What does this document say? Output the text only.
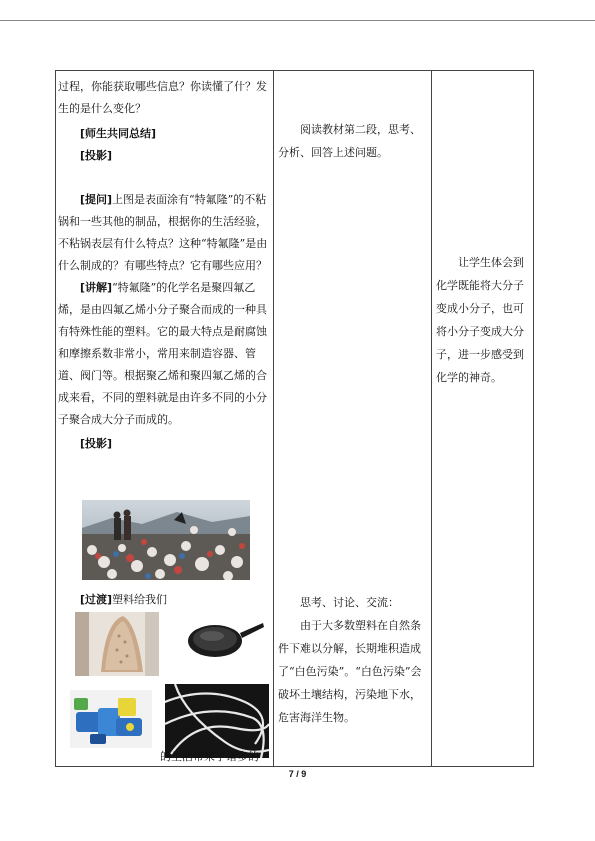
过程，你能获取哪些信息？你读懂了什？发生的是什么变化？

[师生共同总结]

[投影]

[提问]上图是表面涂有“特氟隆”的不粘锅和一些其他的制品，根据你的生活经验，不粘锅表层有什么特点？这种“特氟隆”是由什么制成的？有哪些特点？它有哪些应用？

[讲解]“特氟隆”的化学名是聚四氟乙烯，是由四氟乙烯小分子聚合而成的一种具有特殊性能的塑料。它的最大特点是耐腐蚀和摩擦系数非常小，常用来制造容器、管道、阀门等。根据聚乙烯和聚四氟乙烯的合成来看，不同的塑料就是由许多不同的小分子聚合成大分子而成的。

[投影]

[过渡]塑料给我们

的生活带来了诸多的

阅读教材第二段，思考、分析、回答上述问题。

思考、讨论、交流：

由于大多数塑料在自然条件下难以分解，长期堆积造成了“白色污染”。“白色污染”会破坏土壤结构，污染地下水，危害海洋生物。

让学生体会到化学既能将大分子变成小分子，也可将小分子变成大分子，进一步感受到化学的神奇。

7 / 9
